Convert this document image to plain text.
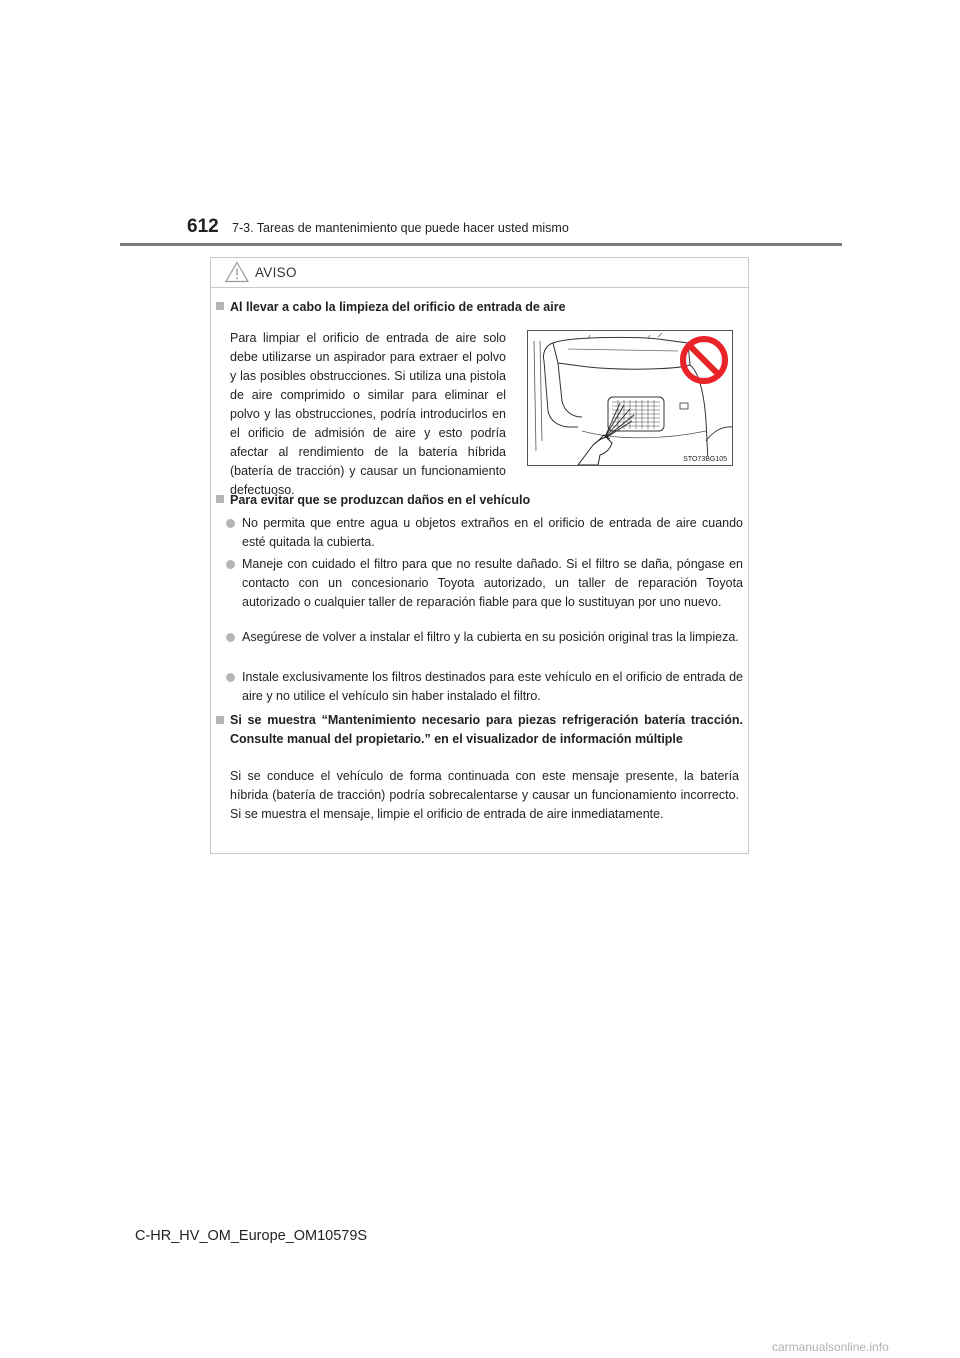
612 7-3. Tareas de mantenimiento que puede hacer usted mismo
AVISO
Al llevar a cabo la limpieza del orificio de entrada de aire
Para limpiar el orificio de entrada de aire solo debe utilizarse un aspirador para extraer el polvo y las posibles obstrucciones. Si utiliza una pistola de aire comprimido o similar para eliminar el polvo y las obstrucciones, podría introducirlos en el orificio de admisión de aire y esto podría afectar al rendimiento de la batería híbrida (batería de tracción) y causar un funcionamiento defectuoso.
STO73BG105
Para evitar que se produzcan daños en el vehículo
No permita que entre agua u objetos extraños en el orificio de entrada de aire cuando esté quitada la cubierta.
Maneje con cuidado el filtro para que no resulte dañado. Si el filtro se daña, póngase en contacto con un concesionario Toyota autorizado, un taller de reparación Toyota autorizado o cualquier taller de reparación fiable para que lo sustituyan por uno nuevo.
Asegúrese de volver a instalar el filtro y la cubierta en su posición original tras la limpieza.
Instale exclusivamente los filtros destinados para este vehículo en el orificio de entrada de aire y no utilice el vehículo sin haber instalado el filtro.
Si se muestra “Mantenimiento necesario para piezas refrigeración batería tracción. Consulte manual del propietario.” en el visualizador de información múltiple
Si se conduce el vehículo de forma continuada con este mensaje presente, la batería híbrida (batería de tracción) podría sobrecalentarse y causar un funcionamiento incorrecto. Si se muestra el mensaje, limpie el orificio de entrada de aire inmediatamente.
C-HR_HV_OM_Europe_OM10579S
carmanualsonline.info
